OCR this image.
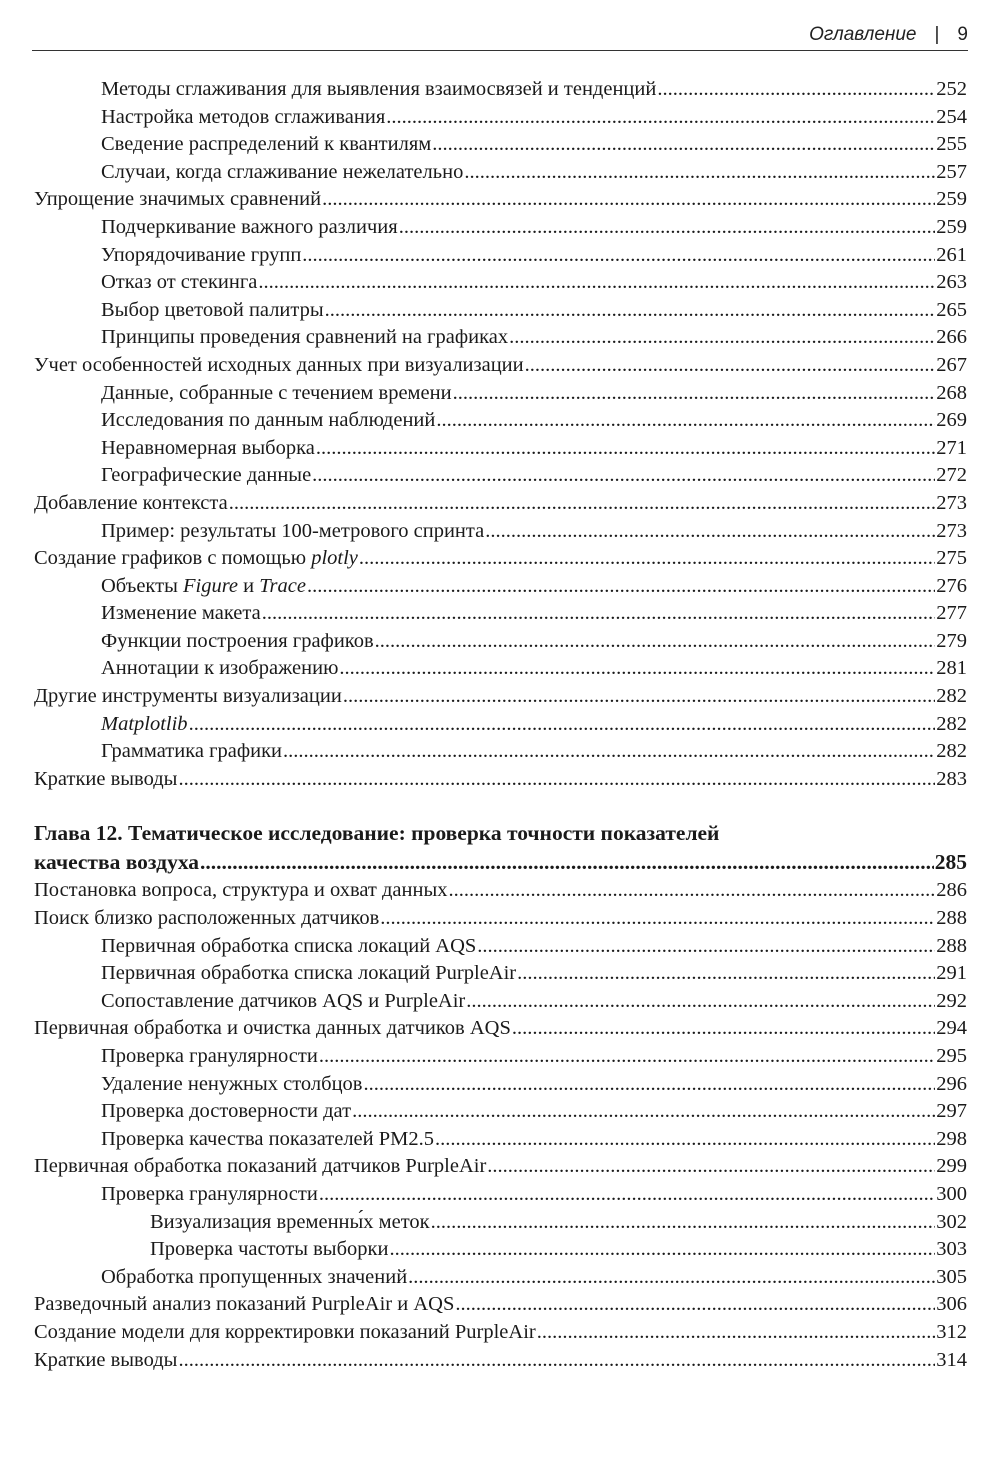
Оглавление | 9
Методы сглаживания для выявления взаимосвязей и тенденций .....	252
Настройка методов сглаживания .....	254
Сведение распределений к квантилям .....	255
Случаи, когда сглаживание нежелательно .....	257
Упрощение значимых сравнений .....	259
Подчеркивание важного различия .....	259
Упорядочивание групп .....	261
Отказ от стекинга .....	263
Выбор цветовой палитры .....	265
Принципы проведения сравнений на графиках .....	266
Учет особенностей исходных данных при визуализации .....	267
Данные, собранные с течением времени .....	268
Исследования по данным наблюдений .....	269
Неравномерная выборка .....	271
Географические данные .....	272
Добавление контекста .....	273
Пример: результаты 100-метрового спринта .....	273
Создание графиков с помощью plotly .....	275
Объекты Figure и Trace .....	276
Изменение макета .....	277
Функции построения графиков .....	279
Аннотации к изображению .....	281
Другие инструменты визуализации .....	282
Matplotlib .....	282
Грамматика графики .....	282
Краткие выводы .....	283
Глава 12. Тематическое исследование: проверка точности показателей
качества воздуха .....	285
Постановка вопроса, структура и охват данных .....	286
Поиск близко расположенных датчиков .....	288
Первичная обработка списка локаций AQS .....	288
Первичная обработка списка локаций PurpleAir .....	291
Сопоставление датчиков AQS и PurpleAir .....	292
Первичная обработка и очистка данных датчиков AQS .....	294
Проверка гранулярности .....	295
Удаление ненужных столбцов .....	296
Проверка достоверности дат .....	297
Проверка качества показателей PM2.5 .....	298
Первичная обработка показаний датчиков PurpleAir .....	299
Проверка гранулярности .....	300
Визуализация временны́х меток .....	302
Проверка частоты выборки .....	303
Обработка пропущенных значений .....	305
Разведочный анализ показаний PurpleAir и AQS .....	306
Создание модели для корректировки показаний PurpleAir .....	312
Краткие выводы .....	314
